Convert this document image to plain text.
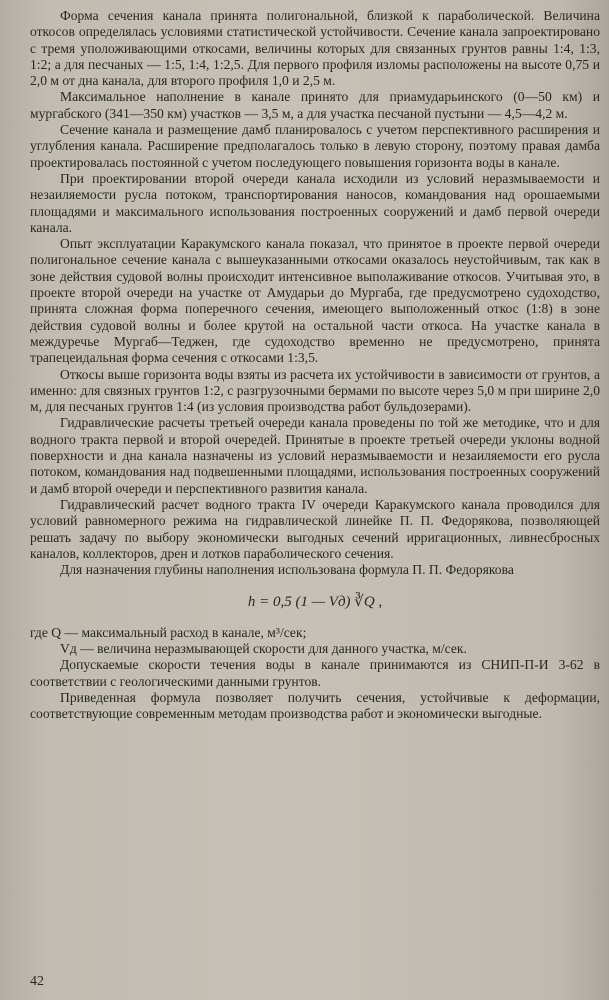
Форма сечения канала принята полигональной, близкой к параболической. Величина откосов определялась условиями статистической устойчивости. Сечение канала запроектировано с тремя уположивающими откосами, величины которых для связанных грунтов равны 1:4, 1:3, 1:2; а для песчаных — 1:5, 1:4, 1:2,5. Для первого профиля изломы расположены на высоте 0,75 и 2,0 м от дна канала, для второго профиля 1,0 и 2,5 м.

Максимальное наполнение в канале принято для приамударьинского (0—50 км) и мургабского (341—350 км) участков — 3,5 м, а для участка песчаной пустыни — 4,5—4,2 м.

Сечение канала и размещение дамб планировалось с учетом перспективного расширения и углубления канала. Расширение предполагалось только в левую сторону, поэтому правая дамба проектировалась постоянной с учетом последующего повышения горизонта воды в канале.

При проектировании второй очереди канала исходили из условий неразмываемости и незаиляемости русла потоком, транспортирования наносов, командования над орошаемыми площадями и максимального использования построенных сооружений и дамб первой очереди канала.

Опыт эксплуатации Каракумского канала показал, что принятое в проекте первой очереди полигональное сечение канала с вышеуказанными откосами оказалось неустойчивым, так как в зоне действия судовой волны происходит интенсивное выполаживание откосов. Учитывая это, в проекте второй очереди на участке от Амударьи до Мургаба, где предусмотрено судоходство, принята сложная форма поперечного сечения, имеющего выположенный откос (1:8) в зоне действия судовой волны и более крутой на остальной части откоса. На участке канала в междуречье Мургаб—Теджен, где судоходство временно не предусмотрено, принята трапецеидальная форма сечения с откосами 1:3,5.

Откосы выше горизонта воды взяты из расчета их устойчивости в зависимости от грунтов, а именно: для связных грунтов 1:2, с разгрузочными бермами по высоте через 5,0 м при ширине 2,0 м, для песчаных грунтов 1:4 (из условия производства работ бульдозерами).

Гидравлические расчеты третьей очереди канала проведены по той же методике, что и для водного тракта первой и второй очередей. Принятые в проекте третьей очереди уклоны водной поверхности и дна канала назначены из условий неразмываемости и незаиляемости его русла потоком, командования над подвешенными площадями, использования построенных сооружений и дамб второй очереди и перспективного развития канала.

Гидравлический расчет водного тракта IV очереди Каракумского канала проводился для условий равномерного режима на гидравлической линейке П. П. Федорякова, позволяющей решать задачу по выбору экономически выгодных сечений ирригационных, ливнесбросных каналов, коллекторов, дрен и лотков параболического сечения.

Для назначения глубины наполнения использована формула П. П. Федорякова

h = 0,5 (1 — Vд) ∛Q ,

где Q — максимальный расход в канале, м³/сек;

Vд — величина неразмывающей скорости для данного участка, м/сек.

Допускаемые скорости течения воды в канале принимаются из СНИП-П-И 3-62 в соответствии с геологическими данными грунтов.

Приведенная формула позволяет получить сечения, устойчивые к деформации, соответствующие современным методам производства работ и экономически выгодные.

42
